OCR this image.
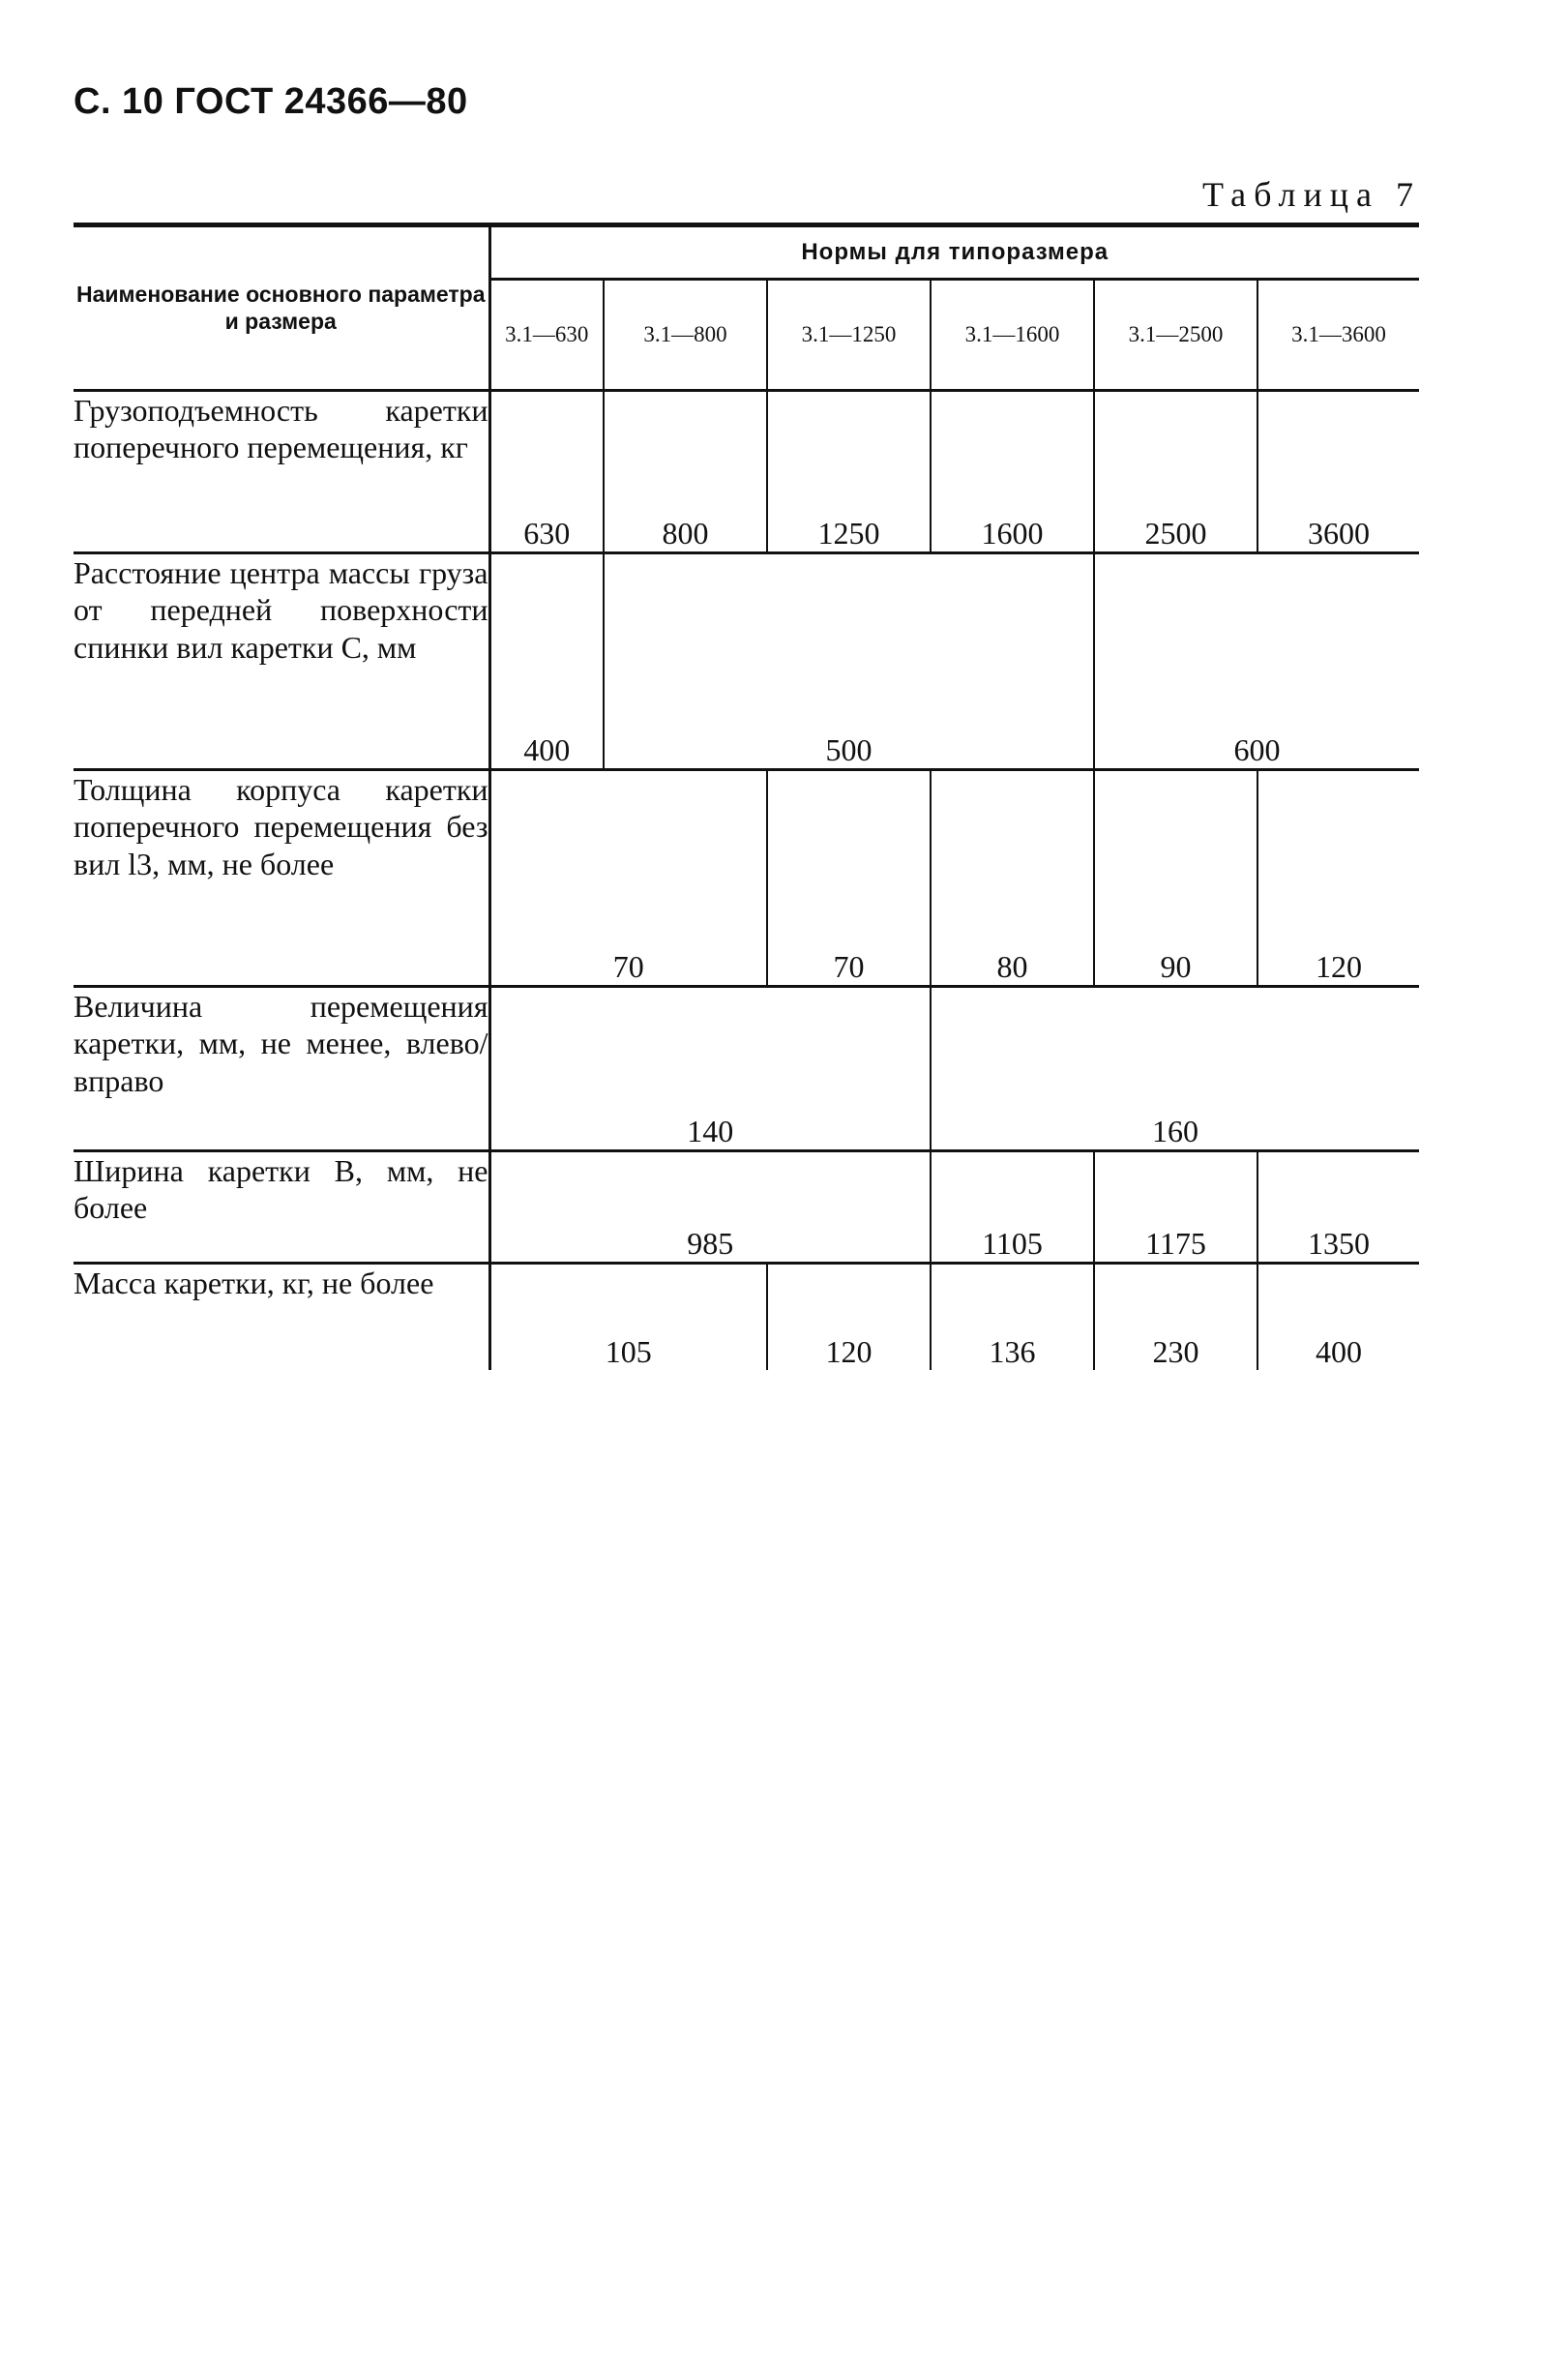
С. 10 ГОСТ 24366—80
Таблица 7
Наименование основного параметра и размера	Нормы для типоразмера					
	3.1—630	3.1—800	3.1—1250	3.1—1600	3.1—2500	3.1—3600
Грузоподъемность каретки поперечного перемещения, кг	630	800	1250	1600	2500	3600
Расстояние центра массы груза от передней поверхности спинки вил каретки С, мм	400	500			600	
Толщина корпуса каретки поперечного перемещения без вил l3, мм, не более	70		70	80	90	120
Величина перемещения каретки, мм, не менее, влево/вправо	140			160		
Ширина каретки В, мм, не более	985			1105	1175	1350
Масса каретки, кг, не более	105		120	136	230	400
